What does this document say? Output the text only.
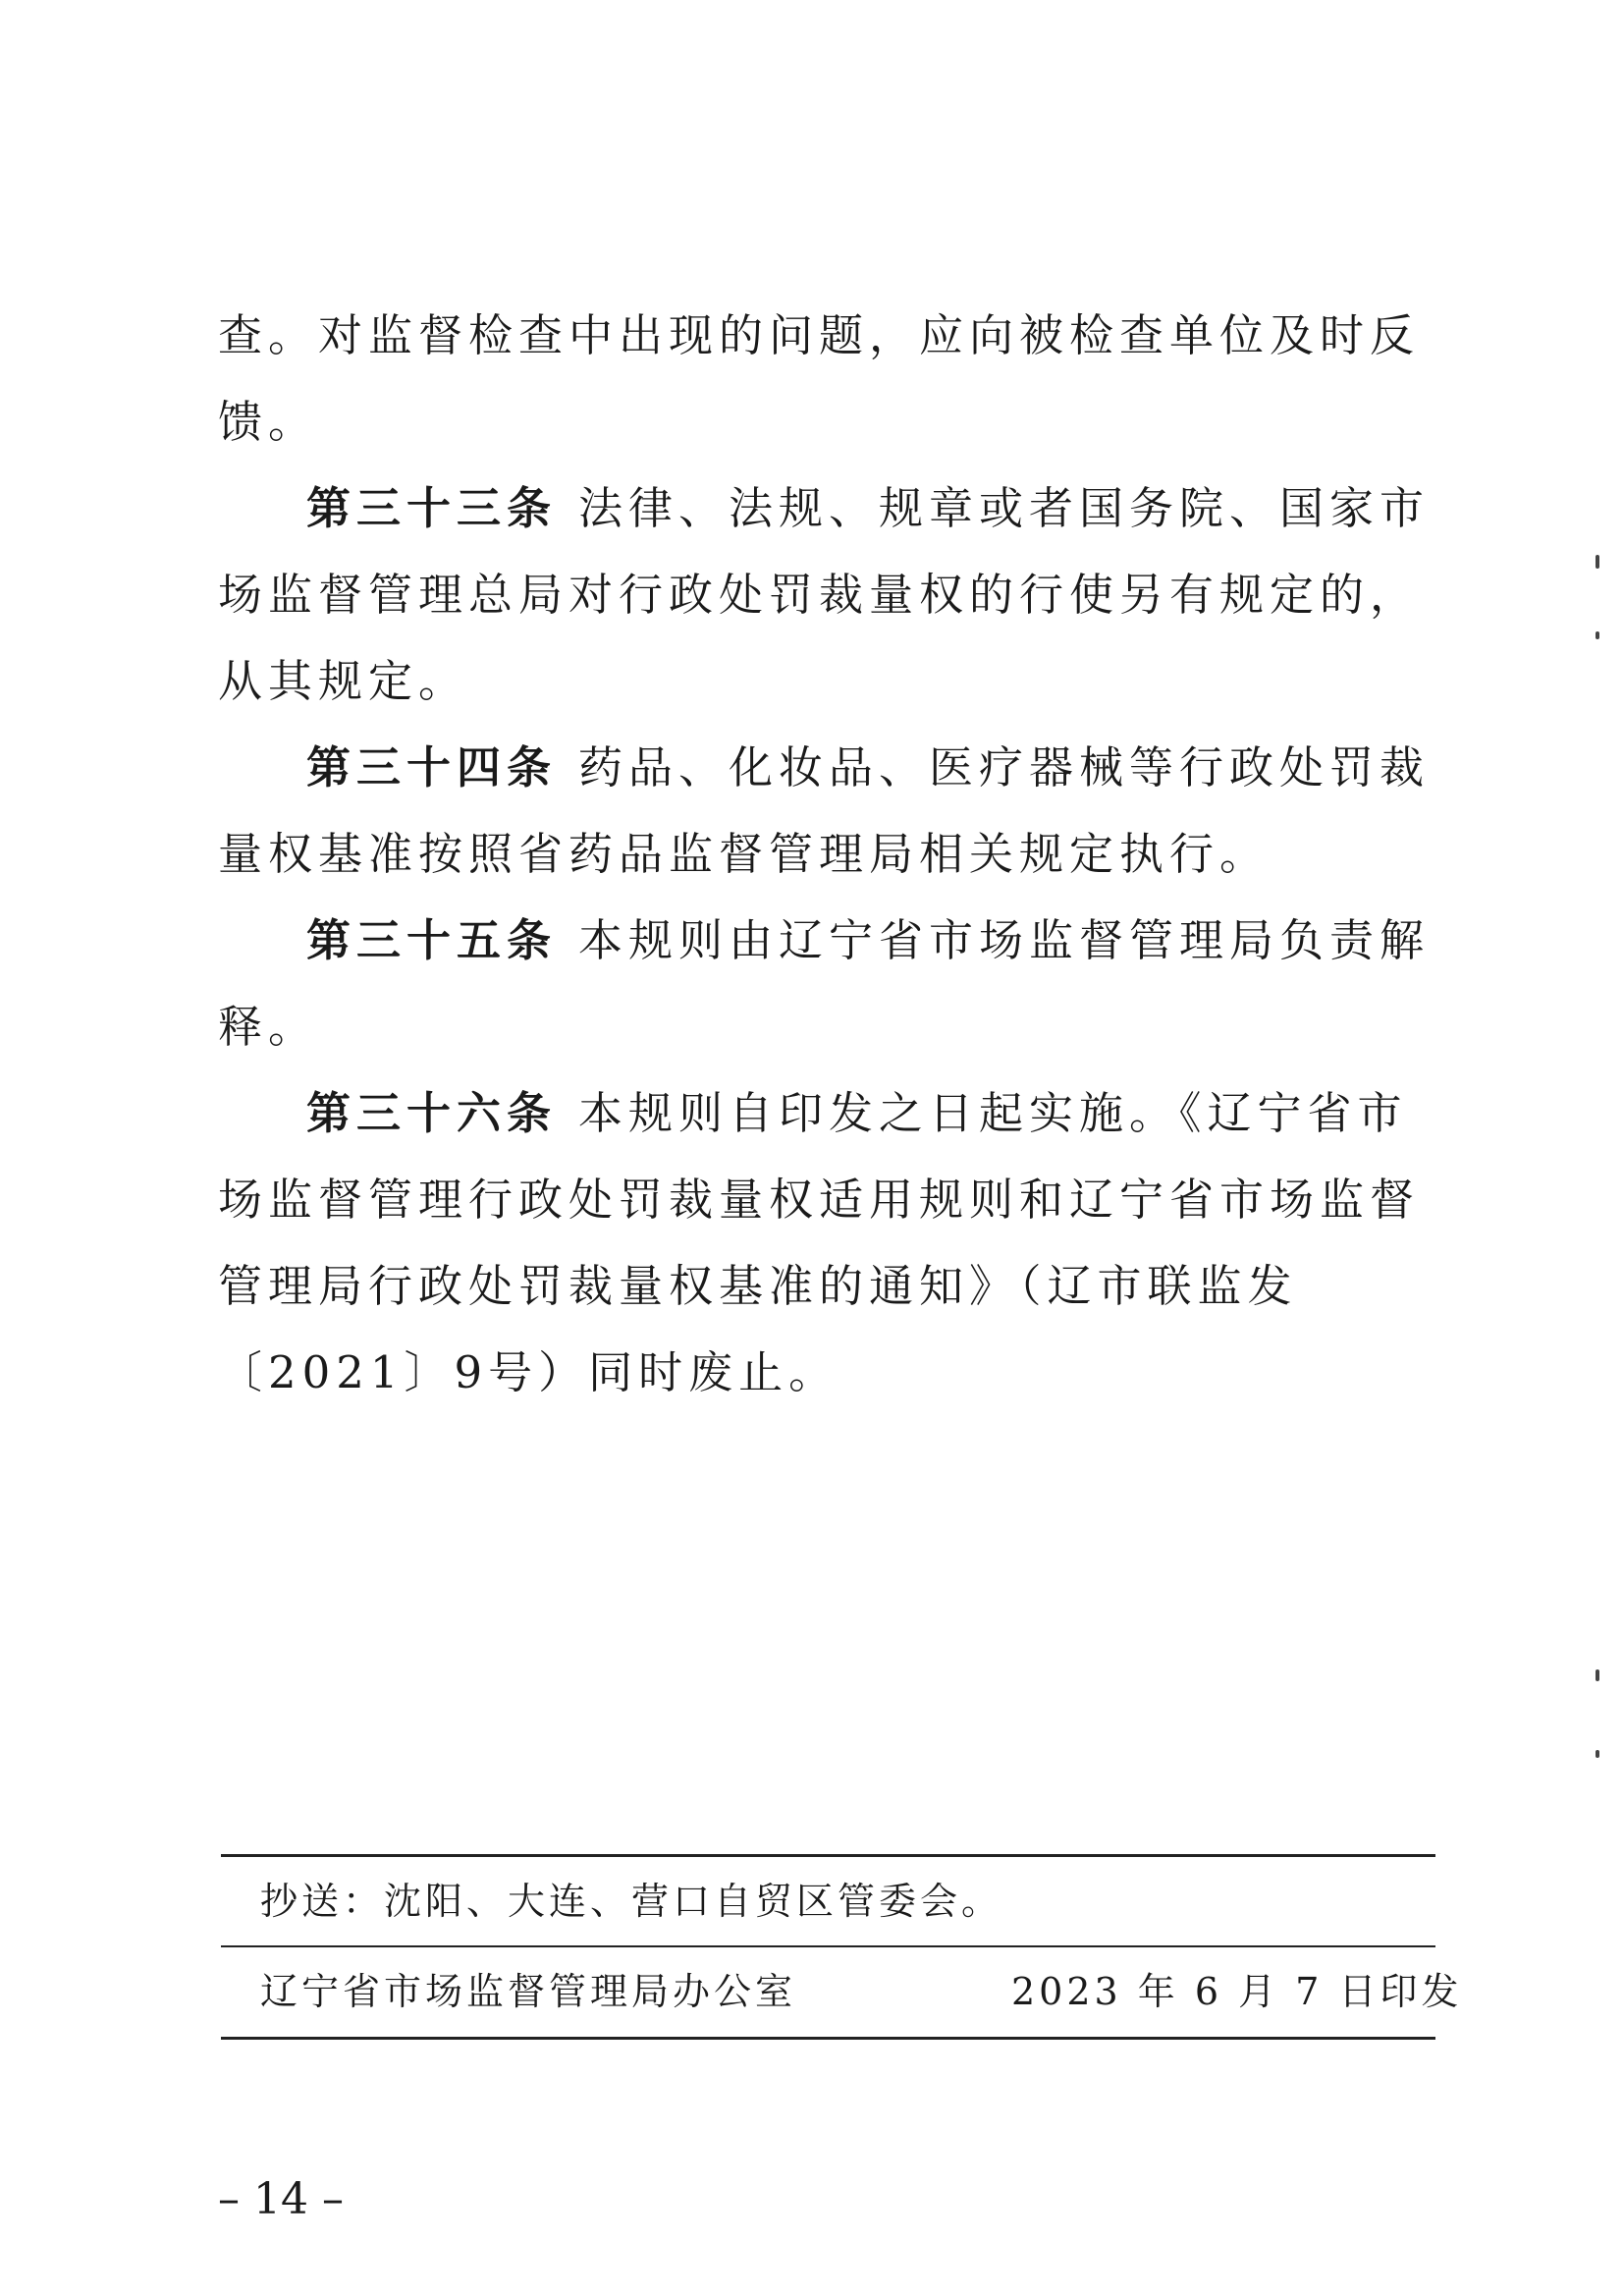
查。对监督检查中出现的问题，应向被检查单位及时反馈。

第三十三条 法律、法规、规章或者国务院、国家市场监督管理总局对行政处罚裁量权的行使另有规定的，从其规定。

第三十四条 药品、化妆品、医疗器械等行政处罚裁量权基准按照省药品监督管理局相关规定执行。

第三十五条 本规则由辽宁省市场监督管理局负责解释。

第三十六条 本规则自印发之日起实施。《辽宁省市场监督管理行政处罚裁量权适用规则和辽宁省市场监督管理局行政处罚裁量权基准的通知》（辽市联监发〔2021〕9号）同时废止。

抄送：沈阳、大连、营口自贸区管委会。
辽宁省市场监督管理局办公室	2023 年 6 月 7 日印发
– 14 –
